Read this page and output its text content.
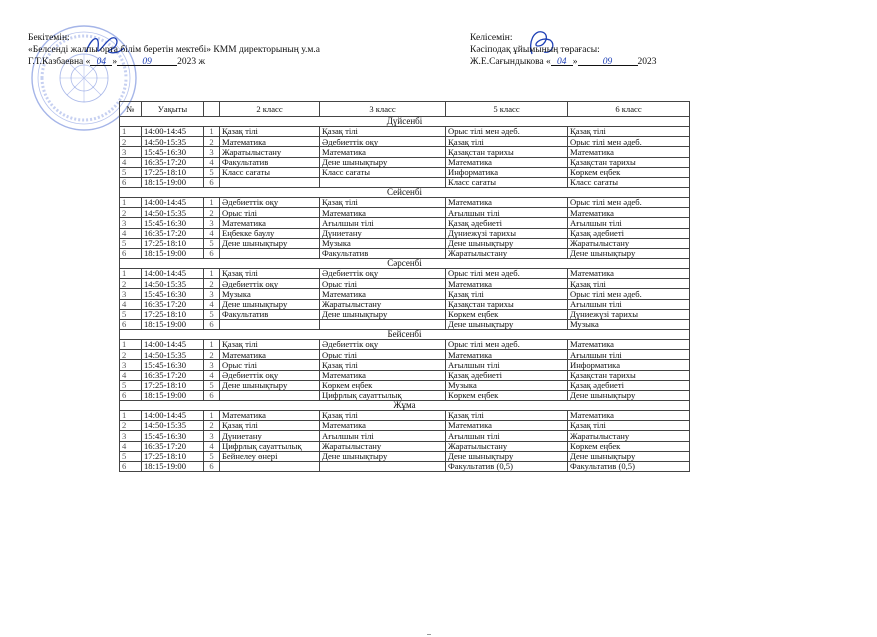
Бекітемін:
«Белсенді жалпы орта білім беретін мектебі» КММ директорының у.м.а
Г.Т.Казбаевна « 04 »	09	2023 ж
Келісемін:
Кәсіподақ ұйымының төрағасы:
Ж.Е.Сағындыкова « 04 »	09	2023
№	Уақыты		2 класс	3 класс	5 класс	6 класс
Дүйсенбі						
1	14:00-14:45	1	Қазақ тілі	Қазақ тілі	Орыс тілі мен әдеб.	Қазақ тілі
2	14:50-15:35	2	Математика	Әдебиеттік оқу	Қазақ тілі	Орыс тілі мен әдеб.
3	15:45-16:30	3	Жаратылыстану	Математика	Қазақстан тарихы	Математика
4	16:35-17:20	4	Факультатив	Дене шынықтыру	Математика	Қазақстан тарихы
5	17:25-18:10	5	Класс сағаты	Класс сағаты	Информатика	Көркем еңбек
6	18:15-19:00	6			Класс сағаты	Класс сағаты
Сейсенбі						
1	14:00-14:45	1	Әдебиеттік оқу	Қазақ тілі	Математика	Орыс тілі мен әдеб.
2	14:50-15:35	2	Орыс тілі	Математика	Ағылшын тілі	Математика
3	15:45-16:30	3	Математика	Ағылшын тілі	Қазақ әдебиеті	Ағылшын тілі
4	16:35-17:20	4	Еңбекке баулу	Дүниетану	Дүниежүзі тарихы	Қазақ әдебиеті
5	17:25-18:10	5	Дене шынықтыру	Музыка	Дене шынықтыру	Жаратылыстану
6	18:15-19:00	6		Факультатив	Жаратылыстану	Дене шынықтыру
Сәрсенбі						
1	14:00-14:45	1	Қазақ тілі	Әдебиеттік оқу	Орыс тілі мен әдеб.	Математика
2	14:50-15:35	2	Әдебиеттік оқу	Орыс тілі	Математика	Қазақ тілі
3	15:45-16:30	3	Музыка	Математика	Қазақ тілі	Орыс тілі мен әдеб.
4	16:35-17:20	4	Дене шынықтыру	Жаратылыстану	Қазақстан тарихы	Ағылшын тілі
5	17:25-18:10	5	Факультатив	Дене шынықтыру	Көркем еңбек	Дүниежүзі тарихы
6	18:15-19:00	6			Дене шынықтыру	Музыка
Бейсенбі						
1	14:00-14:45	1	Қазақ тілі	Әдебиеттік оқу	Орыс тілі мен әдеб.	Математика
2	14:50-15:35	2	Математика	Орыс тілі	Математика	Ағылшын тілі
3	15:45-16:30	3	Орыс тілі	Қазақ тілі	Ағылшын тілі	Информатика
4	16:35-17:20	4	Әдебиеттік оқу	Математика	Қазақ әдебиеті	Қазақстан тарихы
5	17:25-18:10	5	Дене шынықтыру	Көркем еңбек	Музыка	Қазақ әдебиеті
6	18:15-19:00	6		Цифрлық сауаттылық	Көркем еңбек	Дене шынықтыру
Жұма						
1	14:00-14:45	1	Математика	Қазақ тілі	Қазақ тілі	Математика
2	14:50-15:35	2	Қазақ тілі	Математика	Математика	Қазақ тілі
3	15:45-16:30	3	Дүниетану	Ағылшын тілі	Ағылшын тілі	Жаратылыстану
4	16:35-17:20	4	Цифрлық сауаттылық	Жаратылыстану	Жаратылыстану	Көркем еңбек
5	17:25-18:10	5	Бейнелеу өнері	Дене шынықтыру	Дене шынықтыру	Дене шынықтыру
6	18:15-19:00	6			Факультатив (0,5)	Факультатив (0,5)
